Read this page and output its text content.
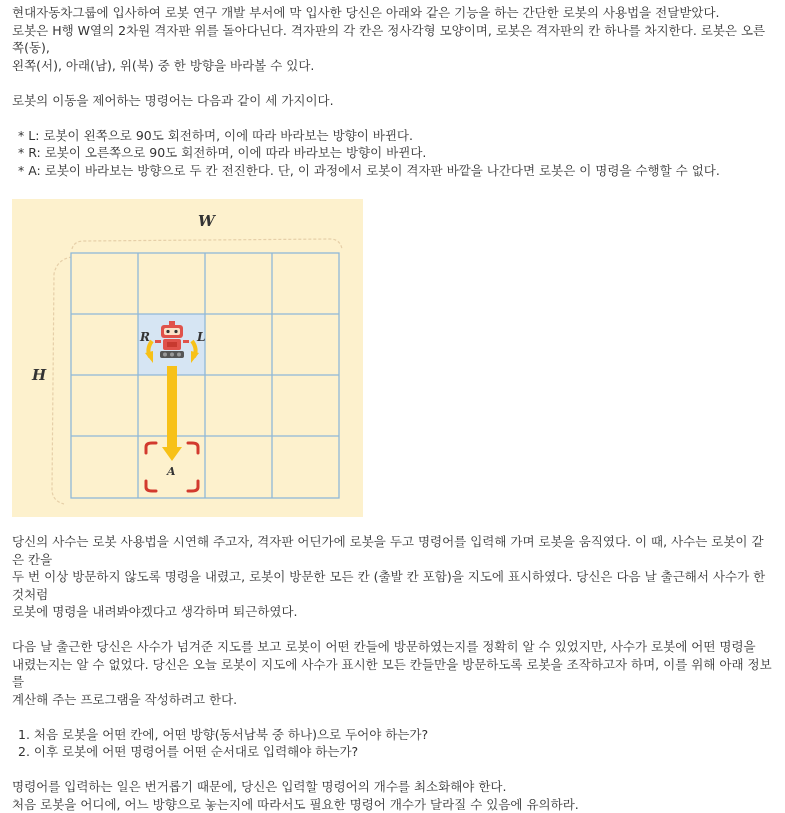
현대자동차그룹에 입사하여 로봇 연구 개발 부서에 막 입사한 당신은 아래와 같은 기능을 하는 간단한 로봇의 사용법을 전달받았다.

로봇은 H행 W열의 2차원 격자판 위를 돌아다닌다. 격자판의 각 칸은 정사각형 모양이며, 로봇은 격자판의 칸 하나를 차지한다. 로봇은 오른쪽(동),

왼쪽(서), 아래(남), 위(북) 중 한 방향을 바라볼 수 있다.

로봇의 이동을 제어하는 명령어는 다음과 같이 세 가지이다.

* L: 로봇이 왼쪽으로 90도 회전하며, 이에 따라 바라보는 방향이 바뀐다.

* R: 로봇이 오른쪽으로 90도 회전하며, 이에 따라 바라보는 방향이 바뀐다.

* A: 로봇이 바라보는 방향으로 두 칸 전진한다. 단, 이 과정에서 로봇이 격자판 바깥을 나간다면 로봇은 이 명령을 수행할 수 없다.

W
H
R	L
A

당신의 사수는 로봇 사용법을 시연해 주고자, 격자판 어딘가에 로봇을 두고 명령어를 입력해 가며 로봇을 움직였다. 이 때, 사수는 로봇이 같은 칸을

두 번 이상 방문하지 않도록 명령을 내렸고, 로봇이 방문한 모든 칸 (출발 칸 포함)을 지도에 표시하였다. 당신은 다음 날 출근해서 사수가 한 것처럼

로봇에 명령을 내려봐야겠다고 생각하며 퇴근하였다.

다음 날 출근한 당신은 사수가 넘겨준 지도를 보고 로봇이 어떤 칸들에 방문하였는지를 정확히 알 수 있었지만, 사수가 로봇에 어떤 명령을

내렸는지는 알 수 없었다. 당신은 오늘 로봇이 지도에 사수가 표시한 모든 칸들만을 방문하도록 로봇을 조작하고자 하며, 이를 위해 아래 정보를

계산해 주는 프로그램을 작성하려고 한다.

1. 처음 로봇을 어떤 칸에, 어떤 방향(동서남북 중 하나)으로 두어야 하는가?

2. 이후 로봇에 어떤 명령어를 어떤 순서대로 입력해야 하는가?

명령어를 입력하는 일은 번거롭기 때문에, 당신은 입력할 명령어의 개수를 최소화해야 한다.

처음 로봇을 어디에, 어느 방향으로 놓는지에 따라서도 필요한 명령어 개수가 달라질 수 있음에 유의하라.
